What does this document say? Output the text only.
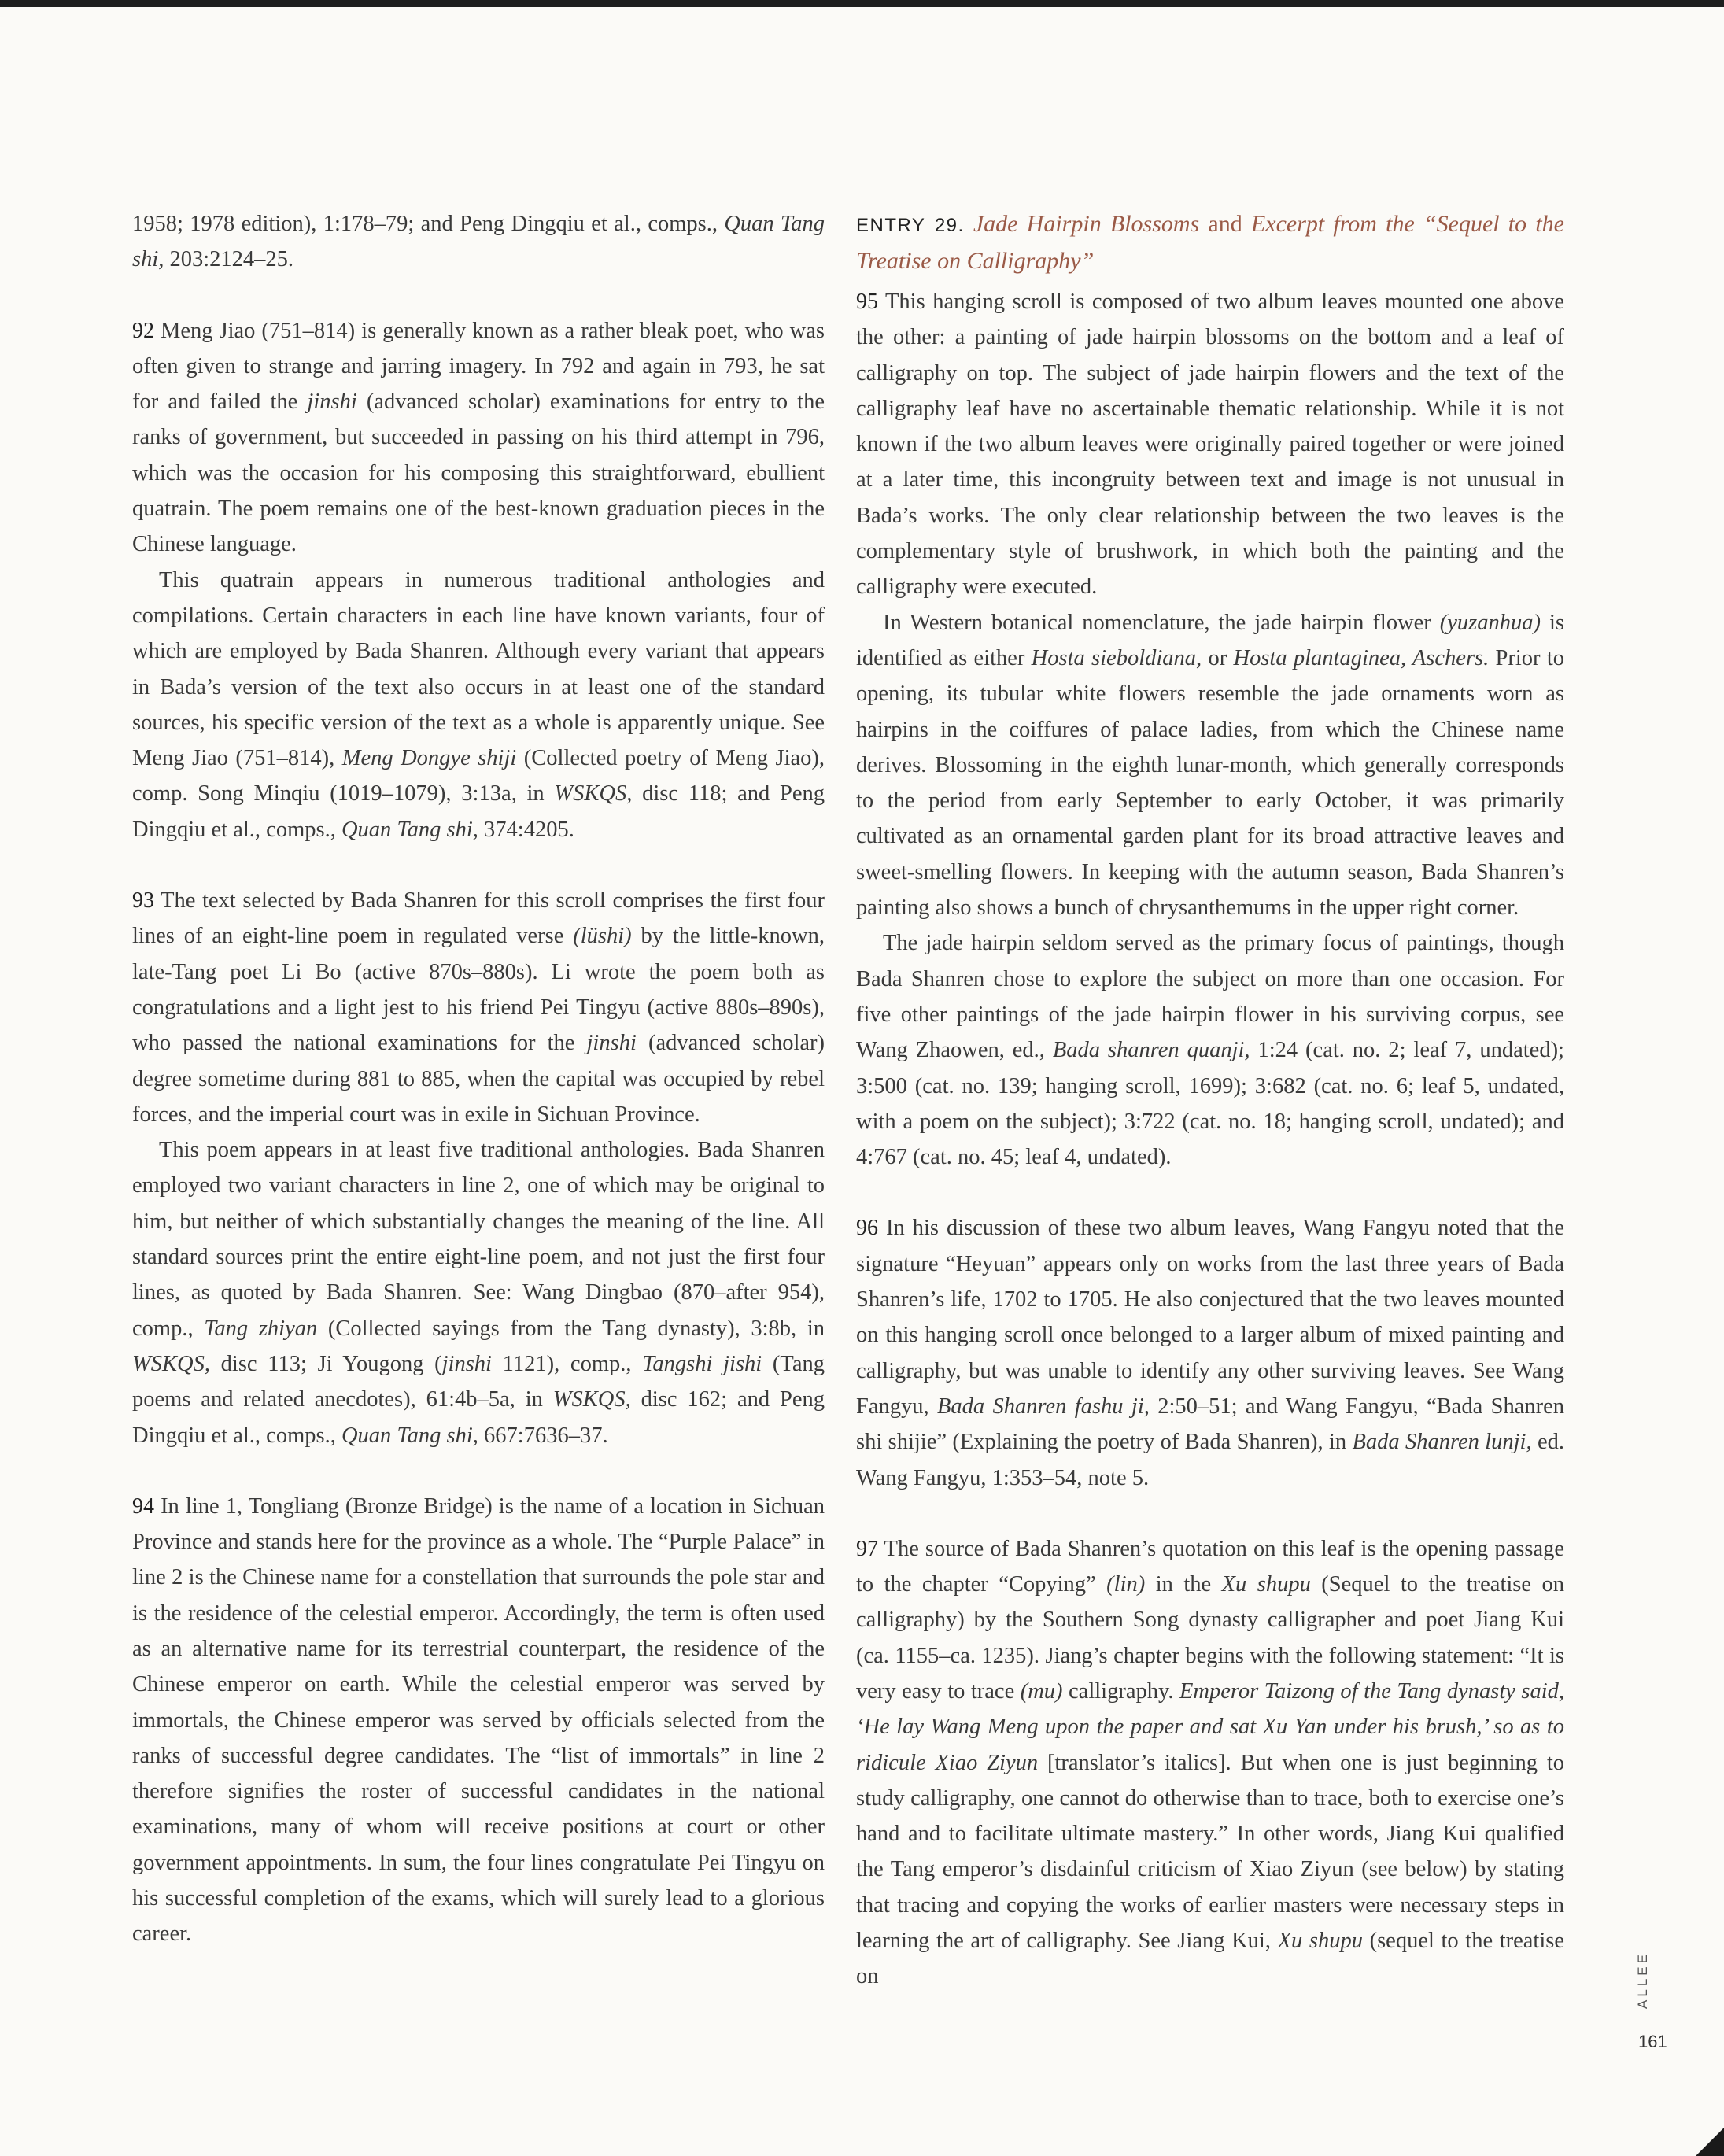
1958; 1978 edition), 1:178–79; and Peng Dingqiu et al., comps., Quan Tang shi, 203:2124–25.

92 Meng Jiao (751–814) is generally known as a rather bleak poet, who was often given to strange and jarring imagery. In 792 and again in 793, he sat for and failed the jinshi (advanced scholar) examinations for entry to the ranks of government, but succeeded in passing on his third attempt in 796, which was the occasion for his composing this straightforward, ebullient quatrain. The poem remains one of the best-known graduation pieces in the Chinese language.

This quatrain appears in numerous traditional anthologies and compilations. Certain characters in each line have known variants, four of which are employed by Bada Shanren. Although every variant that appears in Bada’s version of the text also occurs in at least one of the standard sources, his specific version of the text as a whole is apparently unique. See Meng Jiao (751–814), Meng Dongye shiji (Collected poetry of Meng Jiao), comp. Song Minqiu (1019–1079), 3:13a, in WSKQS, disc 118; and Peng Dingqiu et al., comps., Quan Tang shi, 374:4205.

93 The text selected by Bada Shanren for this scroll comprises the first four lines of an eight-line poem in regulated verse (lüshi) by the little-known, late-Tang poet Li Bo (active 870s–880s). Li wrote the poem both as congratulations and a light jest to his friend Pei Tingyu (active 880s–890s), who passed the national examinations for the jinshi (advanced scholar) degree sometime during 881 to 885, when the capital was occupied by rebel forces, and the imperial court was in exile in Sichuan Province.

This poem appears in at least five traditional anthologies. Bada Shanren employed two variant characters in line 2, one of which may be original to him, but neither of which substantially changes the meaning of the line. All standard sources print the entire eight-line poem, and not just the first four lines, as quoted by Bada Shanren. See: Wang Dingbao (870–after 954), comp., Tang zhiyan (Collected sayings from the Tang dynasty), 3:8b, in WSKQS, disc 113; Ji Yougong (jinshi 1121), comp., Tangshi jishi (Tang poems and related anecdotes), 61:4b–5a, in WSKQS, disc 162; and Peng Dingqiu et al., comps., Quan Tang shi, 667:7636–37.

94 In line 1, Tongliang (Bronze Bridge) is the name of a location in Sichuan Province and stands here for the province as a whole. The “Purple Palace” in line 2 is the Chinese name for a constellation that surrounds the pole star and is the residence of the celestial emperor. Accordingly, the term is often used as an alternative name for its terrestrial counterpart, the residence of the Chinese emperor on earth. While the celestial emperor was served by immortals, the Chinese emperor was served by officials selected from the ranks of successful degree candidates. The “list of immortals” in line 2 therefore signifies the roster of successful candidates in the national examinations, many of whom will receive positions at court or other government appointments. In sum, the four lines congratulate Pei Tingyu on his successful completion of the exams, which will surely lead to a glorious career.

ENTRY 29. Jade Hairpin Blossoms and Excerpt from the “Sequel to the Treatise on Calligraphy”

95 This hanging scroll is composed of two album leaves mounted one above the other: a painting of jade hairpin blossoms on the bottom and a leaf of calligraphy on top. The subject of jade hairpin flowers and the text of the calligraphy leaf have no ascertainable thematic relationship. While it is not known if the two album leaves were originally paired together or were joined at a later time, this incongruity between text and image is not unusual in Bada’s works. The only clear relationship between the two leaves is the complementary style of brushwork, in which both the painting and the calligraphy were executed.

In Western botanical nomenclature, the jade hairpin flower (yuzanhua) is identified as either Hosta sieboldiana, or Hosta plantaginea, Aschers. Prior to opening, its tubular white flowers resemble the jade ornaments worn as hairpins in the coiffures of palace ladies, from which the Chinese name derives. Blossoming in the eighth lunar-month, which generally corresponds to the period from early September to early October, it was primarily cultivated as an ornamental garden plant for its broad attractive leaves and sweet-smelling flowers. In keeping with the autumn season, Bada Shanren’s painting also shows a bunch of chrysanthemums in the upper right corner.

The jade hairpin seldom served as the primary focus of paintings, though Bada Shanren chose to explore the subject on more than one occasion. For five other paintings of the jade hairpin flower in his surviving corpus, see Wang Zhaowen, ed., Bada shanren quanji, 1:24 (cat. no. 2; leaf 7, undated); 3:500 (cat. no. 139; hanging scroll, 1699); 3:682 (cat. no. 6; leaf 5, undated, with a poem on the subject); 3:722 (cat. no. 18; hanging scroll, undated); and 4:767 (cat. no. 45; leaf 4, undated).

96 In his discussion of these two album leaves, Wang Fangyu noted that the signature “Heyuan” appears only on works from the last three years of Bada Shanren’s life, 1702 to 1705. He also conjectured that the two leaves mounted on this hanging scroll once belonged to a larger album of mixed painting and calligraphy, but was unable to identify any other surviving leaves. See Wang Fangyu, Bada Shanren fashu ji, 2:50–51; and Wang Fangyu, “Bada Shanren shi shijie” (Explaining the poetry of Bada Shanren), in Bada Shanren lunji, ed. Wang Fangyu, 1:353–54, note 5.

97 The source of Bada Shanren’s quotation on this leaf is the opening passage to the chapter “Copying” (lin) in the Xu shupu (Sequel to the treatise on calligraphy) by the Southern Song dynasty calligrapher and poet Jiang Kui (ca. 1155–ca. 1235). Jiang’s chapter begins with the following statement: “It is very easy to trace (mu) calligraphy. Emperor Taizong of the Tang dynasty said, ‘He lay Wang Meng upon the paper and sat Xu Yan under his brush,’ so as to ridicule Xiao Ziyun [translator’s italics]. But when one is just beginning to study calligraphy, one cannot do otherwise than to trace, both to exercise one’s hand and to facilitate ultimate mastery.” In other words, Jiang Kui qualified the Tang emperor’s disdainful criticism of Xiao Ziyun (see below) by stating that tracing and copying the works of earlier masters were necessary steps in learning the art of calligraphy. See Jiang Kui, Xu shupu (sequel to the treatise on	ALLEE
161
